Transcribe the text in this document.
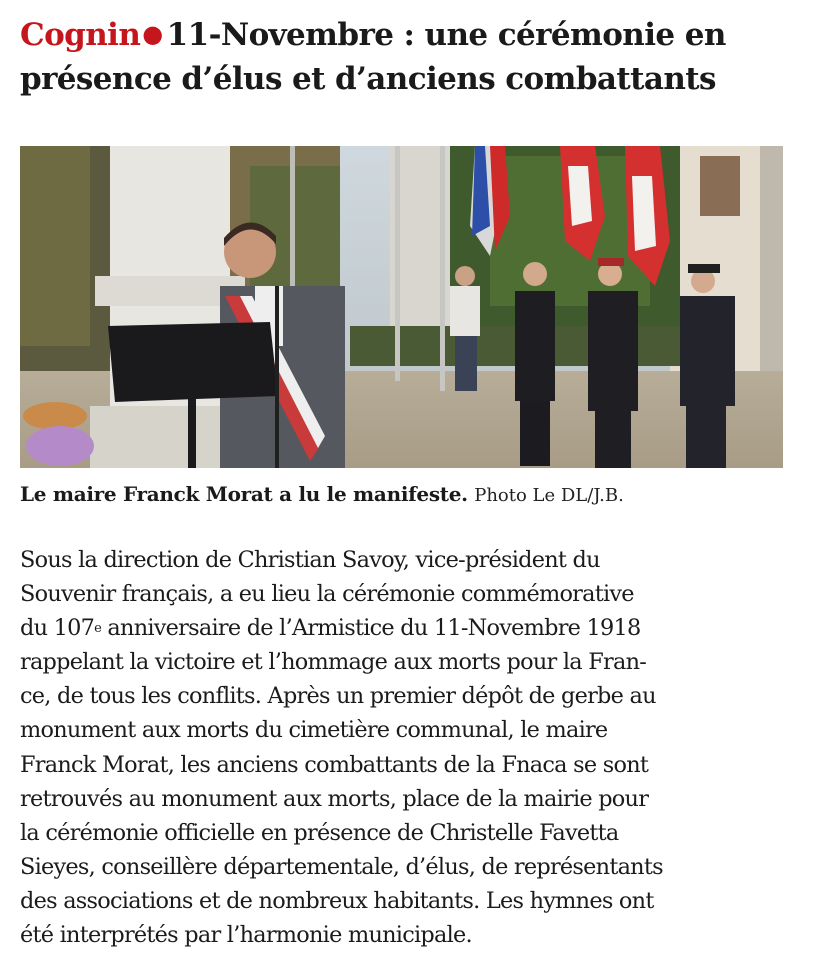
Cognin● 11-Novembre : une cérémonie en
présence d’élus et d’anciens combattants

Le maire Franck Morat a lu le manifeste. Photo Le DL/J.B.

Sous la direction de Christian Savoy, vice-président du
Souvenir français, a eu lieu la cérémonie commémorative
du 107e anniversaire de l’Armistice du 11-Novembre 1918
rappelant la victoire et l’hommage aux morts pour la Fran-
ce, de tous les conflits. Après un premier dépôt de gerbe au
monument aux morts du cimetière communal, le maire
Franck Morat, les anciens combattants de la Fnaca se sont
retrouvés au monument aux morts, place de la mairie pour
la cérémonie officielle en présence de Christelle Favetta
Sieyes, conseillère départementale, d’élus, de représentants
des associations et de nombreux habitants. Les hymnes ont
été interprétés par l’harmonie municipale.
